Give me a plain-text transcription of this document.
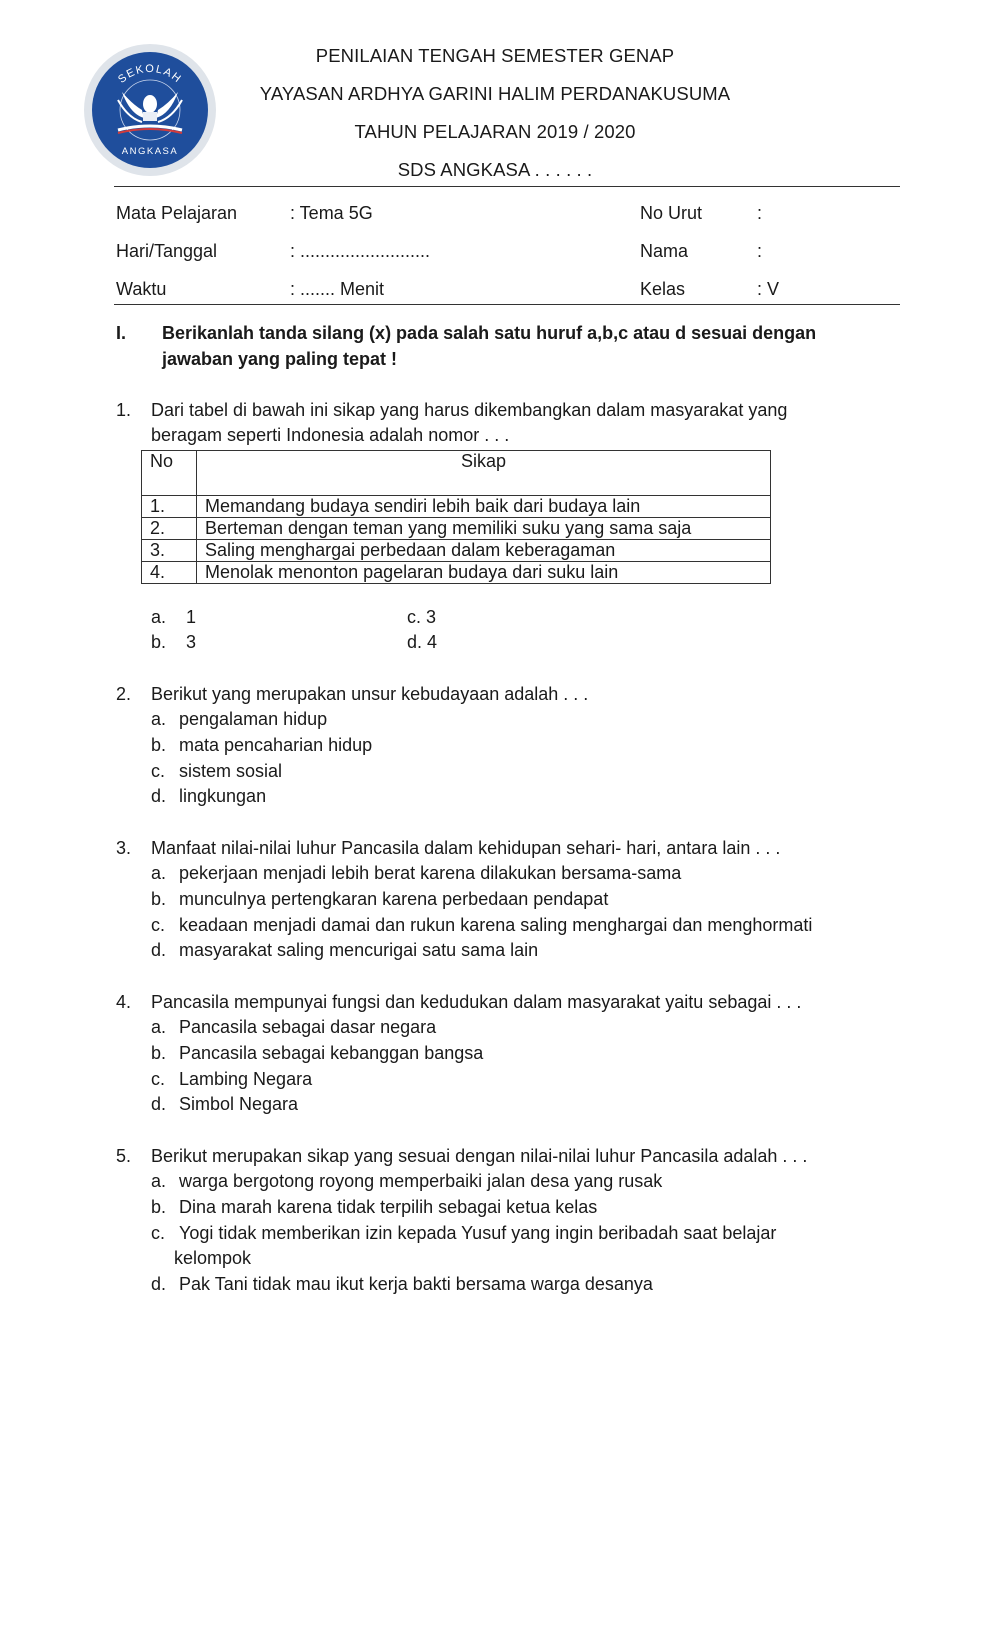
SEKOLAH
ANGKASA
PENILAIAN TENGAH SEMESTER GENAP
YAYASAN ARDHYA GARINI HALIM PERDANAKUSUMA
TAHUN PELAJARAN 2019 / 2020
SDS ANGKASA . . . . . .
Mata Pelajaran	: Tema 5G
Hari/Tanggal	: ..........................
Waktu	: ....... Menit
No Urut	:
Nama	:
Kelas	: V
I. Berikanlah tanda silang (x) pada salah satu huruf a,b,c atau d sesuai dengan
jawaban yang paling tepat !
1. Dari tabel di bawah ini sikap yang harus dikembangkan dalam masyarakat yang
beragam seperti Indonesia adalah nomor . . .
No	Sikap
1.	Memandang budaya sendiri lebih baik dari budaya lain
2.	Berteman dengan teman yang memiliki suku yang sama saja
3.	Saling menghargai perbedaan dalam keberagaman
4.	Menolak menonton pagelaran budaya dari suku lain
a. 1
b. 3
c. 3
d. 4
2. Berikut yang merupakan unsur kebudayaan adalah . . .
a. pengalaman hidup
b. mata pencaharian hidup
c. sistem sosial
d. lingkungan
3. Manfaat nilai-nilai luhur Pancasila dalam kehidupan sehari- hari, antara lain . . .
a. pekerjaan menjadi lebih berat karena dilakukan bersama-sama
b. munculnya pertengkaran karena perbedaan pendapat
c. keadaan menjadi damai dan rukun karena saling menghargai dan menghormati
d. masyarakat saling mencurigai satu sama lain
4. Pancasila mempunyai fungsi dan kedudukan dalam masyarakat yaitu sebagai . . .
a. Pancasila sebagai dasar negara
b. Pancasila sebagai kebanggan bangsa
c. Lambing Negara
d. Simbol Negara
5. Berikut merupakan sikap yang sesuai dengan nilai-nilai luhur Pancasila adalah . . .
a. warga bergotong royong memperbaiki jalan desa yang rusak
b. Dina marah karena tidak terpilih sebagai ketua kelas
c. Yogi tidak memberikan izin kepada Yusuf yang ingin beribadah saat belajar
kelompok
d. Pak Tani tidak mau ikut kerja bakti bersama warga desanya
